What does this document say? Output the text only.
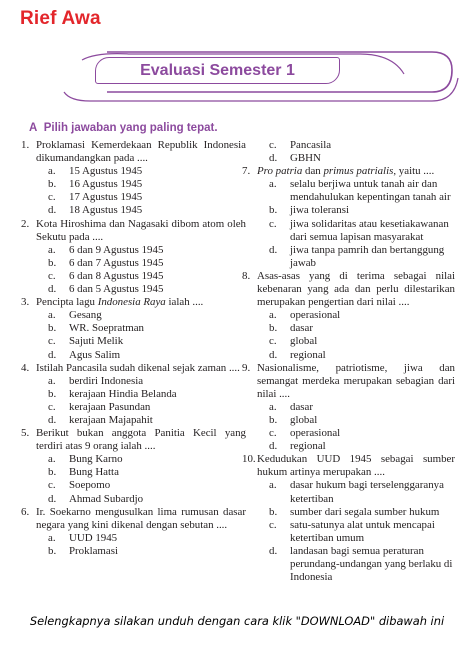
Rief Awa
Evaluasi Semester 1
A Pilih jawaban yang paling tepat.
1. Proklamasi Kemerdekaan Republik Indonesia dikumandangkan pada ....
a.	15 Agustus 1945
b.	16 Agustus 1945
c.	17 Agustus 1945
d.	18 Agustus 1945
2. Kota Hiroshima dan Nagasaki dibom atom oleh Sekutu pada ....
a.	6 dan 9 Agustus 1945
b.	6 dan 7 Agustus 1945
c.	6 dan 8 Agustus 1945
d.	6 dan 5 Agustus 1945
3. Pencipta lagu Indonesia Raya ialah ....
a.	Gesang
b.	WR. Soepratman
c.	Sajuti Melik
d.	Agus Salim
4. Istilah Pancasila sudah dikenal sejak zaman ....
a.	berdiri Indonesia
b.	kerajaan Hindia Belanda
c.	kerajaan Pasundan
d.	kerajaan Majapahit
5. Berikut bukan anggota Panitia Kecil yang terdiri atas 9 orang ialah ....
a.	Bung Karno
b.	Bung Hatta
c.	Soepomo
d.	Ahmad Subardjo
6. Ir. Soekarno mengusulkan lima rumusan dasar negara yang kini dikenal dengan sebutan ....
a.	UUD 1945
b.	Proklamasi
c.	Pancasila
d.	GBHN
7. Pro patria dan primus patrialis, yaitu ....
a.	selalu berjiwa untuk tanah air dan mendahulukan kepentingan tanah air
b.	jiwa toleransi
c.	jiwa solidaritas atau kesetiakawanan dari semua lapisan masyarakat
d.	jiwa tanpa pamrih dan bertanggung jawab
8. Asas-asas yang di terima sebagai nilai kebenaran yang ada dan perlu dilestarikan merupakan pengertian dari nilai ....
a.	operasional
b.	dasar
c.	global
d.	regional
9. Nasionalisme, patriotisme, jiwa dan semangat merdeka merupakan sebagian dari nilai ....
a.	dasar
b.	global
c.	operasional
d.	regional
10. Kedudukan UUD 1945 sebagai sumber hukum artinya merupakan ....
a.	dasar hukum bagi terselenggaranya ketertiban
b.	sumber dari segala sumber hukum
c.	satu-satunya alat untuk mencapai ketertiban umum
d.	landasan bagi semua peraturan perundang-undangan yang berlaku di Indonesia

Selengkapnya silakan unduh dengan cara klik "DOWNLOAD" dibawah ini
